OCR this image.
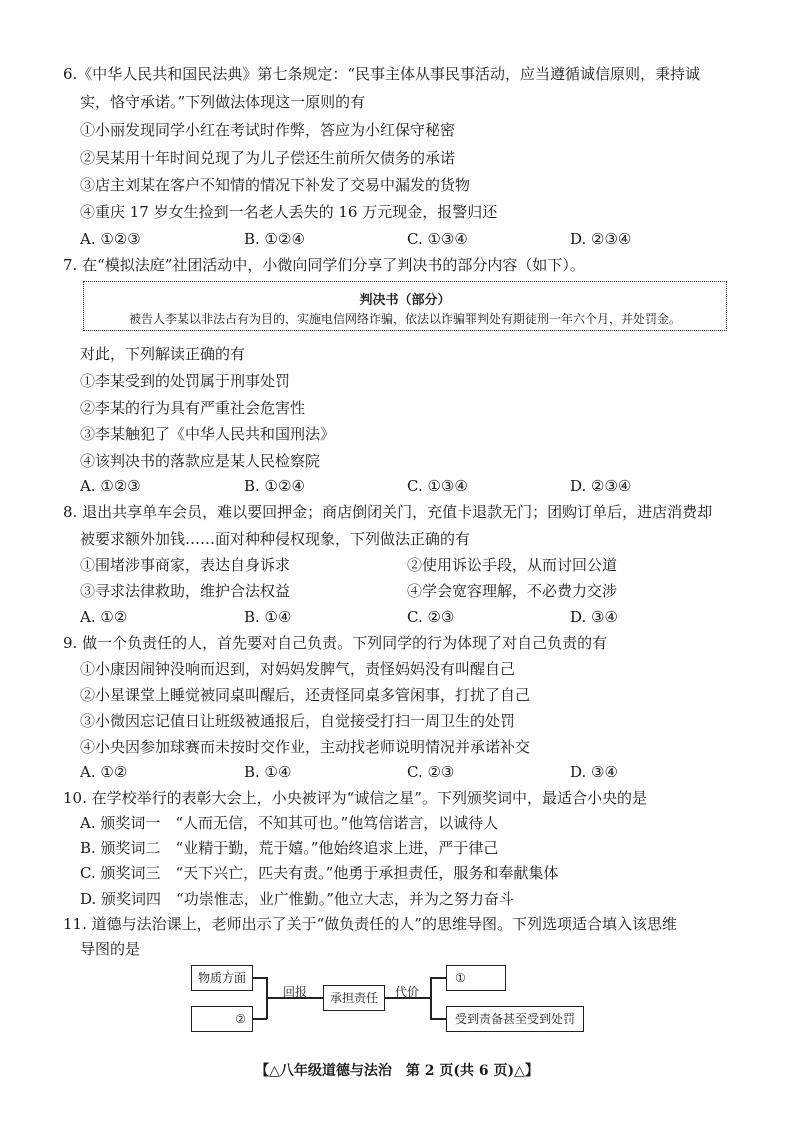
6.《中华人民共和国民法典》第七条规定：“民事主体从事民事活动，应当遵循诚信原则，秉持诚
实，恪守承诺。”下列做法体现这一原则的有
①小丽发现同学小红在考试时作弊，答应为小红保守秘密
②吴某用十年时间兑现了为儿子偿还生前所欠债务的承诺
③店主刘某在客户不知情的情况下补发了交易中漏发的货物
④重庆 17 岁女生捡到一名老人丢失的 16 万元现金，报警归还
A. ①②③	B. ①②④	C. ①③④	D. ②③④
7. 在“模拟法庭”社团活动中，小微向同学们分享了判决书的部分内容（如下）。
判决书（部分）
被告人李某以非法占有为目的，实施电信网络诈骗，依法以诈骗罪判处有期徒刑一年六个月，并处罚金。
对此，下列解读正确的有
①李某受到的处罚属于刑事处罚
②李某的行为具有严重社会危害性
③李某触犯了《中华人民共和国刑法》
④该判决书的落款应是某人民检察院
A. ①②③	B. ①②④	C. ①③④	D. ②③④
8. 退出共享单车会员，难以要回押金；商店倒闭关门，充值卡退款无门；团购订单后，进店消费却
被要求额外加钱……面对种种侵权现象，下列做法正确的有
①围堵涉事商家，表达自身诉求	②使用诉讼手段，从而讨回公道
③寻求法律救助，维护合法权益	④学会宽容理解，不必费力交涉
A. ①②	B. ①④	C. ②③	D. ③④
9. 做一个负责任的人，首先要对自己负责。下列同学的行为体现了对自己负责的有
①小康因闹钟没响而迟到，对妈妈发脾气，责怪妈妈没有叫醒自己
②小星课堂上睡觉被同桌叫醒后，还责怪同桌多管闲事，打扰了自己
③小微因忘记值日让班级被通报后，自觉接受打扫一周卫生的处罚
④小央因参加球赛而未按时交作业，主动找老师说明情况并承诺补交
A. ①②	B. ①④	C. ②③	D. ③④
10. 在学校举行的表彰大会上，小央被评为“诚信之星”。下列颁奖词中，最适合小央的是
A. 颁奖词一　“人而无信，不知其可也。”他笃信诺言，以诚待人
B. 颁奖词二　“业精于勤，荒于嬉。”他始终追求上进，严于律己
C. 颁奖词三　“天下兴亡，匹夫有责。”他勇于承担责任，服务和奉献集体
D. 颁奖词四　“功崇惟志，业广惟勤。”他立大志，并为之努力奋斗
11. 道德与法治课上，老师出示了关于“做负责任的人”的思维导图。下列选项适合填入该思维
导图的是
物质方面
②
回报	承担责任	代价
①
受到责备甚至受到处罚
【△八年级道德与法治　第 2 页(共 6 页)△】
